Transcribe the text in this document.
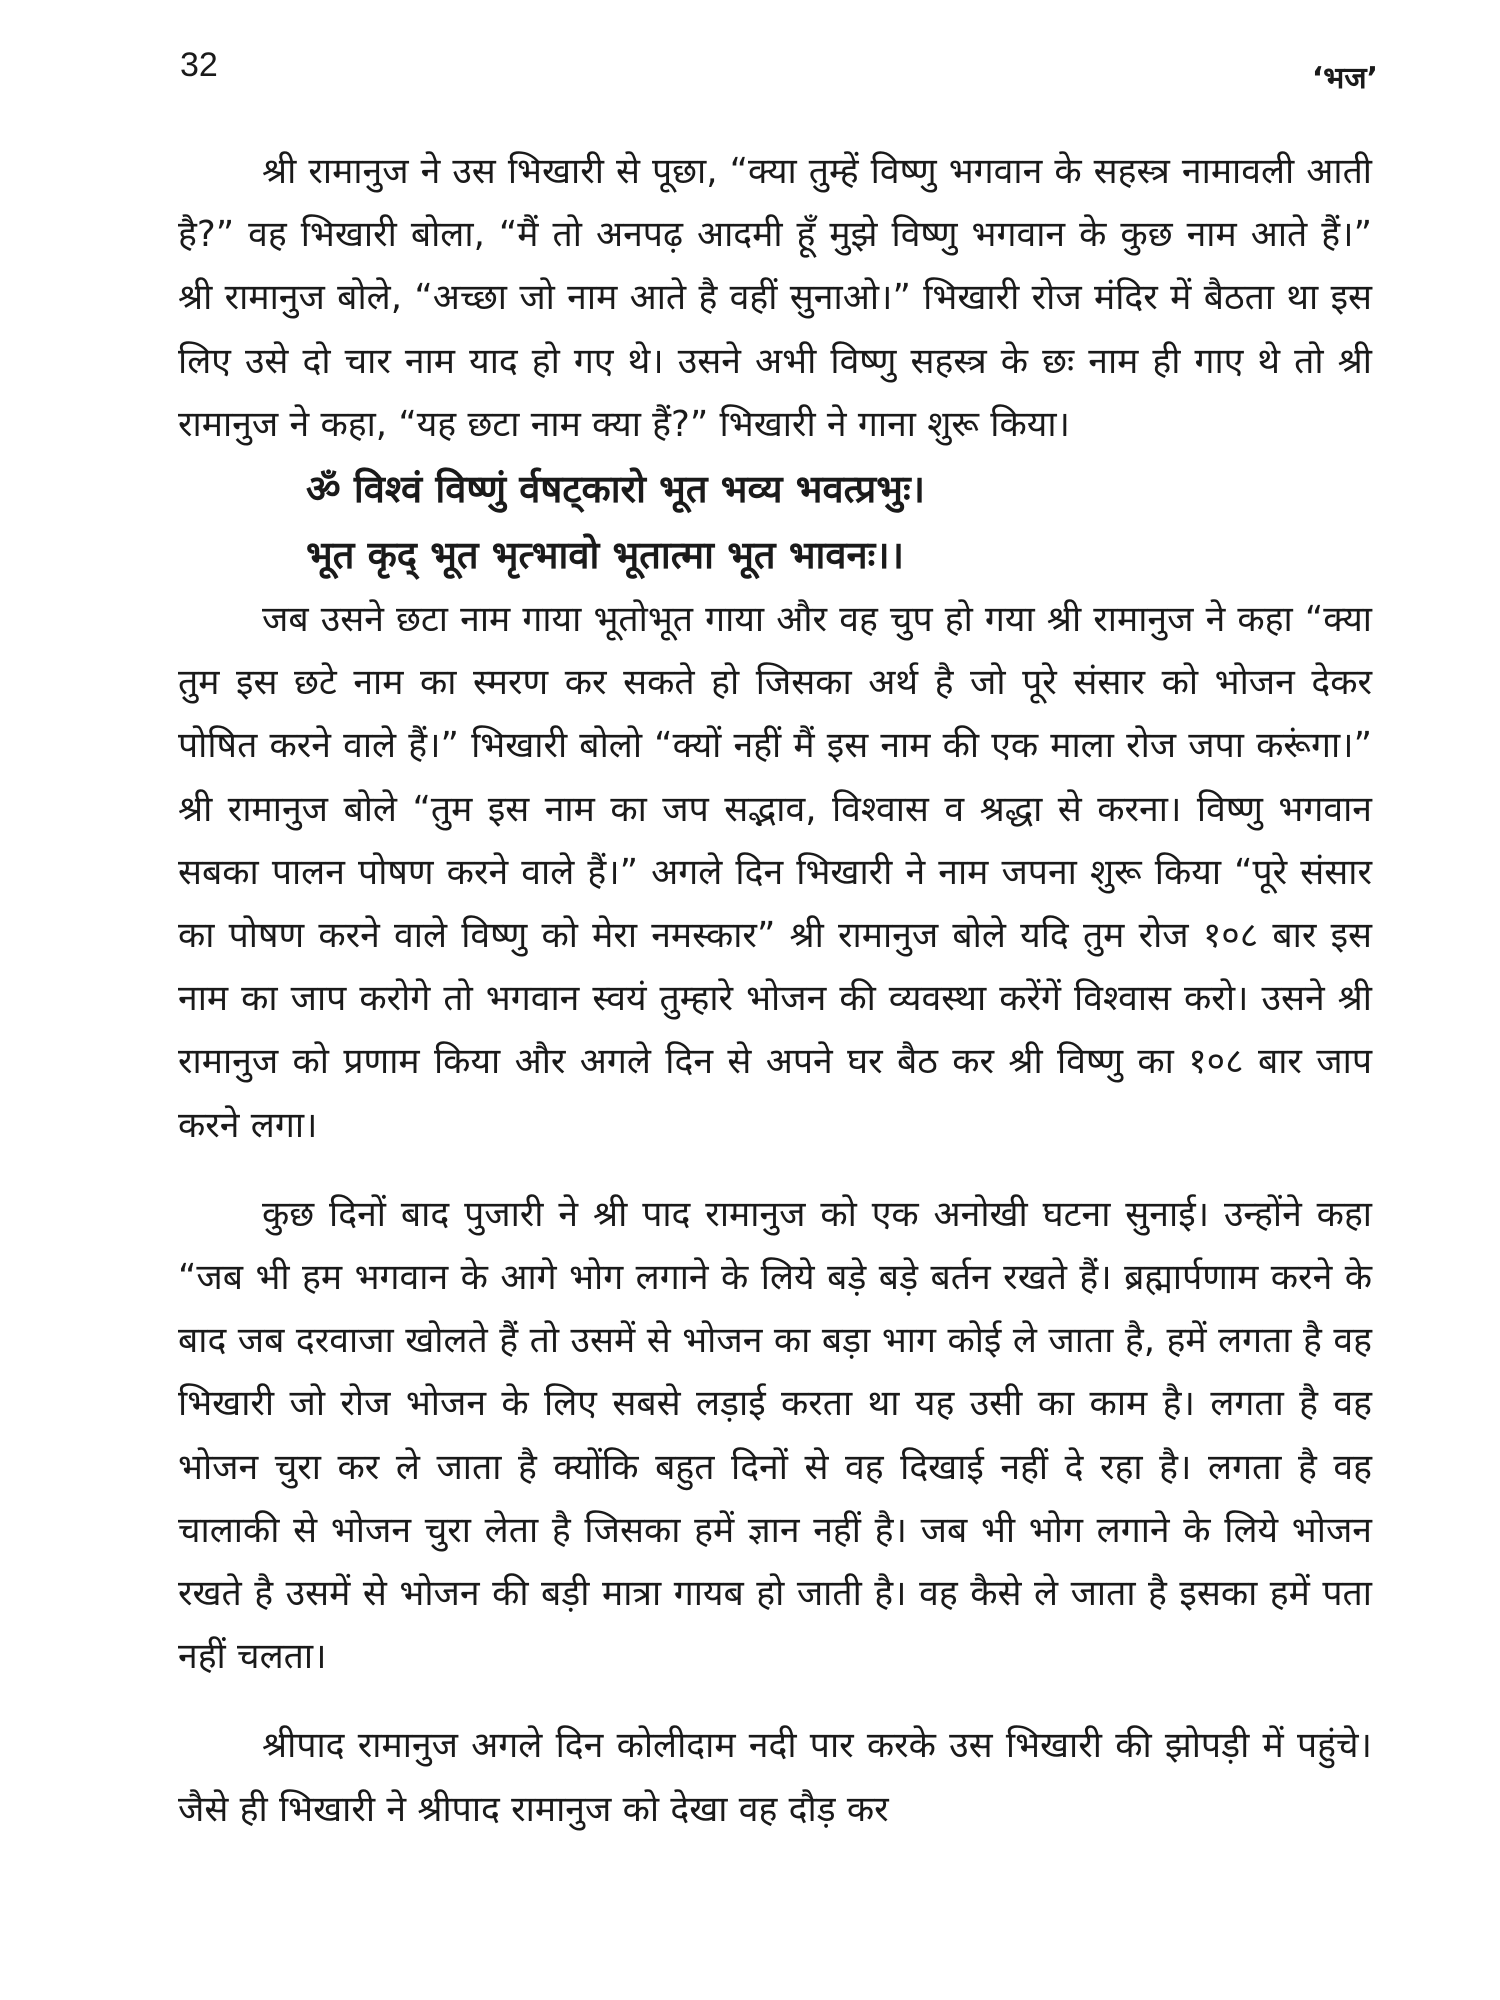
32	‘भज’

श्री रामानुज ने उस भिखारी से पूछा, “क्या तुम्हें विष्णु भगवान के सहस्त्र नामावली आती है?” वह भिखारी बोला, “मैं तो अनपढ़ आदमी हूँ मुझे विष्णु भगवान के कुछ नाम आते हैं।” श्री रामानुज बोले, “अच्छा जो नाम आते है वहीं सुनाओ।” भिखारी रोज मंदिर में बैठता था इस लिए उसे दो चार नाम याद हो गए थे। उसने अभी विष्णु सहस्त्र के छः नाम ही गाए थे तो श्री रामानुज ने कहा, “यह छटा नाम क्या हैं?” भिखारी ने गाना शुरू किया।

ॐ विश्वं विष्णुं र्वषट्कारो भूत भव्य भवत्प्रभुः।

भूत कृद् भूत भृत्भावो भूतात्मा भूत भावनः।।

जब उसने छटा नाम गाया भूतोभूत गाया और वह चुप हो गया श्री रामानुज ने कहा “क्या तुम इस छटे नाम का स्मरण कर सकते हो जिसका अर्थ है जो पूरे संसार को भोजन देकर पोषित करने वाले हैं।” भिखारी बोलो “क्यों नहीं मैं इस नाम की एक माला रोज जपा करूंगा।” श्री रामानुज बोले “तुम इस नाम का जप सद्भाव, विश्वास व श्रद्धा से करना। विष्णु भगवान सबका पालन पोषण करने वाले हैं।” अगले दिन भिखारी ने नाम जपना शुरू किया “पूरे संसार का पोषण करने वाले विष्णु को मेरा नमस्कार” श्री रामानुज बोले यदि तुम रोज १०८ बार इस नाम का जाप करोगे तो भगवान स्वयं तुम्हारे भोजन की व्यवस्था करेंगें विश्वास करो। उसने श्री रामानुज को प्रणाम किया और अगले दिन से अपने घर बैठ कर श्री विष्णु का १०८ बार जाप करने लगा।

कुछ दिनों बाद पुजारी ने श्री पाद रामानुज को एक अनोखी घटना सुनाई। उन्होंने कहा “जब भी हम भगवान के आगे भोग लगाने के लिये बड़े बड़े बर्तन रखते हैं। ब्रह्मार्पणाम करने के बाद जब दरवाजा खोलते हैं तो उसमें से भोजन का बड़ा भाग कोई ले जाता है, हमें लगता है वह भिखारी जो रोज भोजन के लिए सबसे लड़ाई करता था यह उसी का काम है। लगता है वह भोजन चुरा कर ले जाता है क्योंकि बहुत दिनों से वह दिखाई नहीं दे रहा है। लगता है वह चालाकी से भोजन चुरा लेता है जिसका हमें ज्ञान नहीं है। जब भी भोग लगाने के लिये भोजन रखते है उसमें से भोजन की बड़ी मात्रा गायब हो जाती है। वह कैसे ले जाता है इसका हमें पता नहीं चलता।

श्रीपाद रामानुज अगले दिन कोलीदाम नदी पार करके उस भिखारी की झोपड़ी में पहुंचे। जैसे ही भिखारी ने श्रीपाद रामानुज को देखा वह दौड़ कर
